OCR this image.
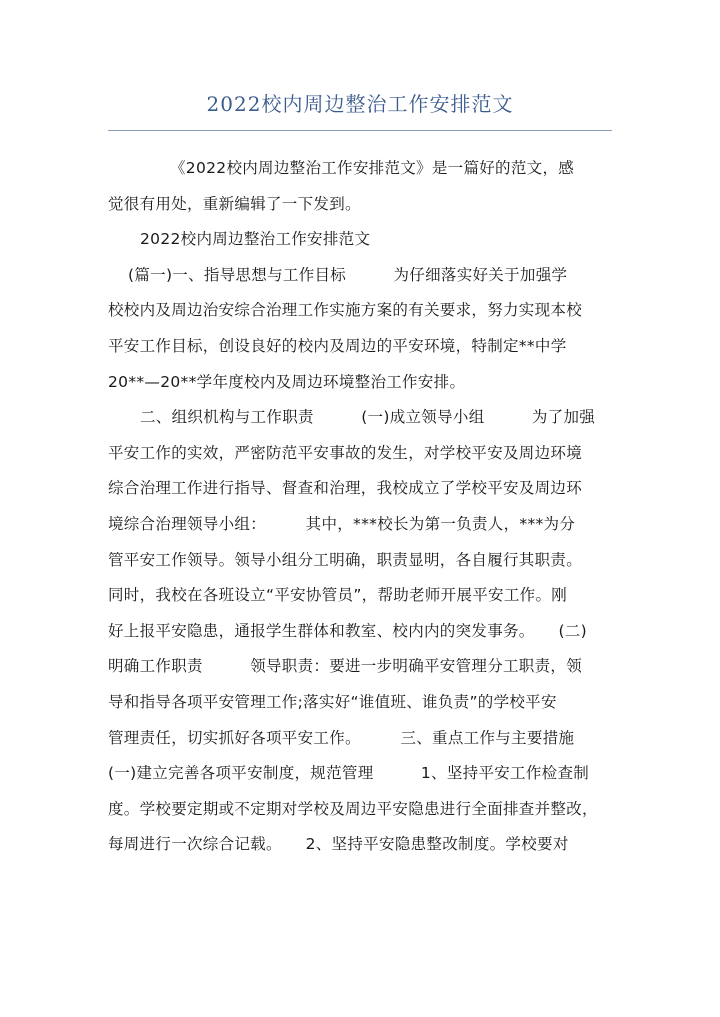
2022校内周边整治工作安排范文
《2022校内周边整治工作安排范文》是一篇好的范文，感
觉很有用处，重新编辑了一下发到。
2022校内周边整治工作安排范文
(篇一)一、指导思想与工作目标　　　为仔细落实好关于加强学
校校内及周边治安综合治理工作实施方案的有关要求，努力实现本校
平安工作目标，创设良好的校内及周边的平安环境，特制定**中学
20**—20**学年度校内及周边环境整治工作安排。
二、组织机构与工作职责　　　(一)成立领导小组　　　为了加强
平安工作的实效，严密防范平安事故的发生，对学校平安及周边环境
综合治理工作进行指导、督查和治理，我校成立了学校平安及周边环
境综合治理领导小组：　　　其中，***校长为第一负责人，***为分
管平安工作领导。领导小组分工明确，职责显明，各自履行其职责。
同时，我校在各班设立“平安协管员”，帮助老师开展平安工作。刚
好上报平安隐患，通报学生群体和教室、校内内的突发事务。　　(二)
明确工作职责　　　领导职责：要进一步明确平安管理分工职责，领
导和指导各项平安管理工作;落实好“谁值班、谁负责”的学校平安
管理责任，切实抓好各项平安工作。　　　三、重点工作与主要措施
(一)建立完善各项平安制度，规范管理　　　1、坚持平安工作检查制
度。学校要定期或不定期对学校及周边平安隐患进行全面排查并整改，
每周进行一次综合记载。　　2、坚持平安隐患整改制度。学校要对
